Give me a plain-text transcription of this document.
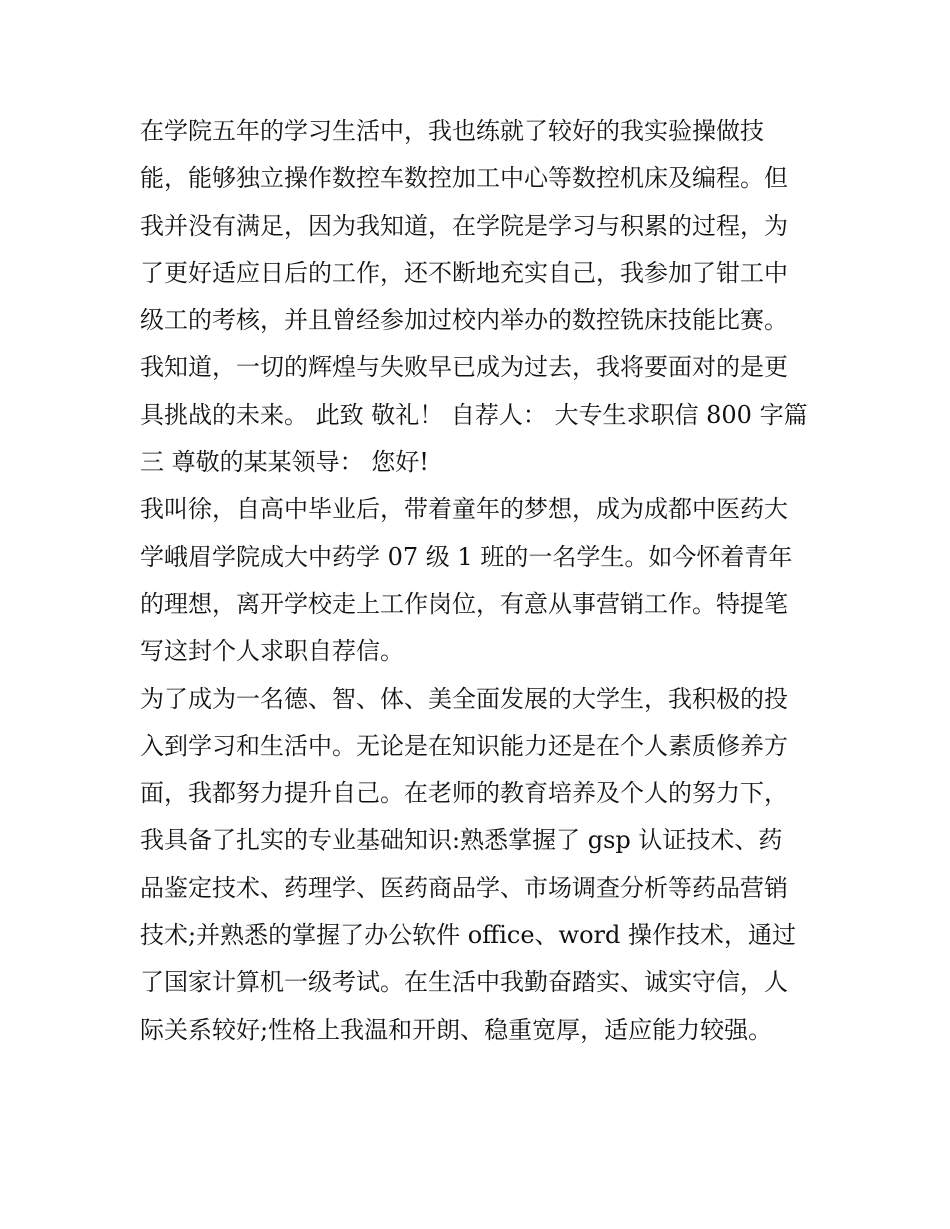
在学院五年的学习生活中，我也练就了较好的我实验操做技
能，能够独立操作数控车数控加工中心等数控机床及编程。但
我并没有满足，因为我知道，在学院是学习与积累的过程，为
了更好适应日后的工作，还不断地充实自己，我参加了钳工中
级工的考核，并且曾经参加过校内举办的数控铣床技能比赛。
我知道，一切的辉煌与失败早已成为过去，我将要面对的是更
具挑战的未来。 此致 敬礼！ 自荐人： 大专生求职信 800 字篇
三 尊敬的某某领导： 您好!
我叫徐，自高中毕业后，带着童年的梦想，成为成都中医药大
学峨眉学院成大中药学 07 级 1 班的一名学生。如今怀着青年
的理想，离开学校走上工作岗位，有意从事营销工作。特提笔
写这封个人求职自荐信。
为了成为一名德、智、体、美全面发展的大学生，我积极的投
入到学习和生活中。无论是在知识能力还是在个人素质修养方
面，我都努力提升自己。在老师的教育培养及个人的努力下，
我具备了扎实的专业基础知识:熟悉掌握了 gsp 认证技术、药
品鉴定技术、药理学、医药商品学、市场调查分析等药品营销
技术;并熟悉的掌握了办公软件 office、word 操作技术，通过
了国家计算机一级考试。在生活中我勤奋踏实、诚实守信，人
际关系较好;性格上我温和开朗、稳重宽厚，适应能力较强。
